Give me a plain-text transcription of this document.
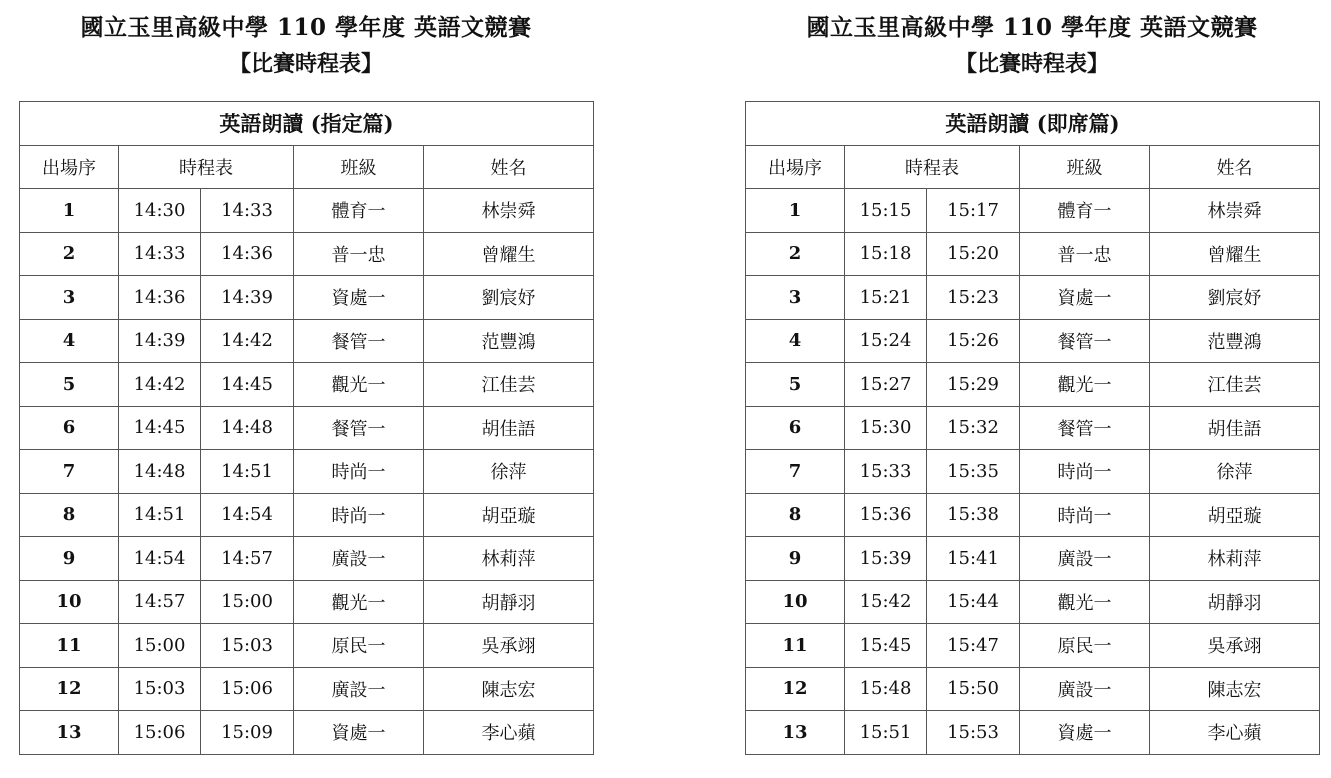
國立玉里高級中學 110 學年度 英語文競賽
【比賽時程表】
英語朗讀 (指定篇)				
出場序	時程表		班級	姓名
1	14:30	14:33	體育一	林崇舜
2	14:33	14:36	普一忠	曾耀生
3	14:36	14:39	資處一	劉宸妤
4	14:39	14:42	餐管一	范豐鴻
5	14:42	14:45	觀光一	江佳芸
6	14:45	14:48	餐管一	胡佳語
7	14:48	14:51	時尚一	徐萍
8	14:51	14:54	時尚一	胡亞璇
9	14:54	14:57	廣設一	林莉萍
10	14:57	15:00	觀光一	胡靜羽
11	15:00	15:03	原民一	吳承翊
12	15:03	15:06	廣設一	陳志宏
13	15:06	15:09	資處一	李心蘋
國立玉里高級中學 110 學年度 英語文競賽
【比賽時程表】
英語朗讀 (即席篇)				
出場序	時程表		班級	姓名
1	15:15	15:17	體育一	林崇舜
2	15:18	15:20	普一忠	曾耀生
3	15:21	15:23	資處一	劉宸妤
4	15:24	15:26	餐管一	范豐鴻
5	15:27	15:29	觀光一	江佳芸
6	15:30	15:32	餐管一	胡佳語
7	15:33	15:35	時尚一	徐萍
8	15:36	15:38	時尚一	胡亞璇
9	15:39	15:41	廣設一	林莉萍
10	15:42	15:44	觀光一	胡靜羽
11	15:45	15:47	原民一	吳承翊
12	15:48	15:50	廣設一	陳志宏
13	15:51	15:53	資處一	李心蘋
